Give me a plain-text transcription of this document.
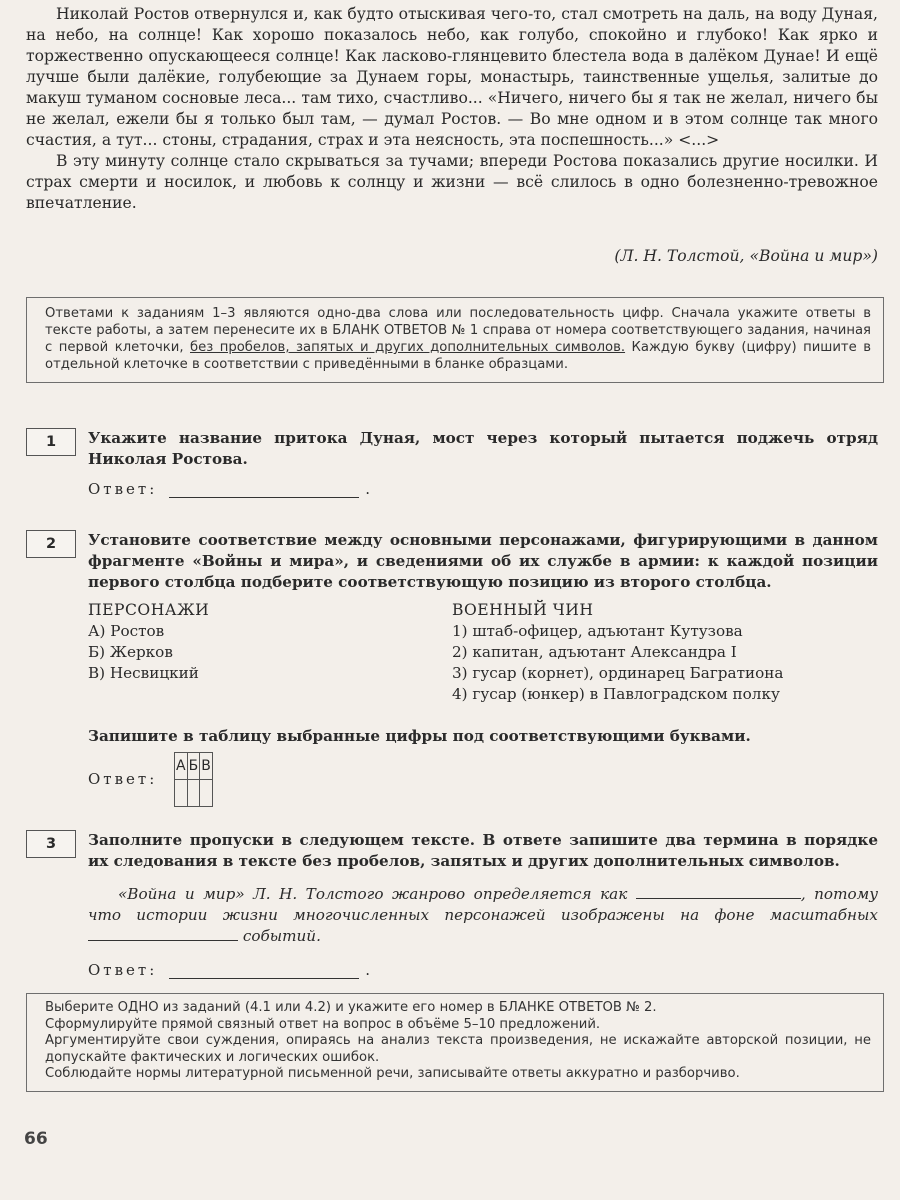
Николай Ростов отвернулся и, как будто отыскивая чего-то, стал смотреть на даль, на воду Дуная, на небо, на солнце! Как хорошо показалось небо, как голубо, спокойно и глубоко! Как ярко и торжественно опускающееся солнце! Как ласково-глянцевито блестела вода в далёком Дунае! И ещё лучше были далёкие, голубеющие за Дунаем горы, монастырь, таинственные ущелья, залитые до макуш туманом сосновые леса... там тихо, счастливо... «Ничего, ничего бы я так не желал, ничего бы не желал, ежели бы я только был там, — думал Ростов. — Во мне одном и в этом солнце так много счастия, а тут... стоны, страдания, страх и эта неясность, эта поспешность...» <...>

В эту минуту солнце стало скрываться за тучами; впереди Ростова показались другие носилки. И страх смерти и носилок, и любовь к солнцу и жизни — всё слилось в одно болезненно-тревожное впечатление.

(Л. Н. Толстой, «Война и мир»)
Ответами к заданиям 1–3 являются одно-два слова или последовательность цифр. Сначала укажите ответы в тексте работы, а затем перенесите их в БЛАНК ОТВЕТОВ № 1 справа от номера соответствующего задания, начиная с первой клеточки, без пробелов, запятых и других дополнительных символов. Каждую букву (цифру) пишите в отдельной клеточке в соответствии с приведёнными в бланке образцами.
1	Укажите название притока Дуная, мост через который пытается поджечь отряд Николая Ростова.
Ответ:	.
2	Установите соответствие между основными персонажами, фигурирующими в данном фрагменте «Войны и мира», и сведениями об их службе в армии: к каждой позиции первого столбца подберите соответствующую позицию из второго столбца.
ПЕРСОНАЖИ
А) Ростов
Б) Жерков
В) Несвицкий
ВОЕННЫЙ ЧИН
1) штаб-офицер, адъютант Кутузова
2) капитан, адъютант Александра I
3) гусар (корнет), ординарец Багратиона
4) гусар (юнкер) в Павлоградском полку
Запишите в таблицу выбранные цифры под соответствующими буквами.
Ответ:
А	Б	В

3	Заполните пропуски в следующем тексте. В ответе запишите два термина в порядке их следования в тексте без пробелов, запятых и других дополнительных символов.
«Война и мир» Л. Н. Толстого жанрово определяется как	, потому что истории жизни многочисленных персонажей изображены на фоне масштабных  событий.
Ответ:	.
Выберите ОДНО из заданий (4.1 или 4.2) и укажите его номер в БЛАНКЕ ОТВЕТОВ № 2.
Сформулируйте прямой связный ответ на вопрос в объёме 5–10 предложений.
Аргументируйте свои суждения, опираясь на анализ текста произведения, не искажайте авторской позиции, не допускайте фактических и логических ошибок.
Соблюдайте нормы литературной письменной речи, записывайте ответы аккуратно и разборчиво.
66
